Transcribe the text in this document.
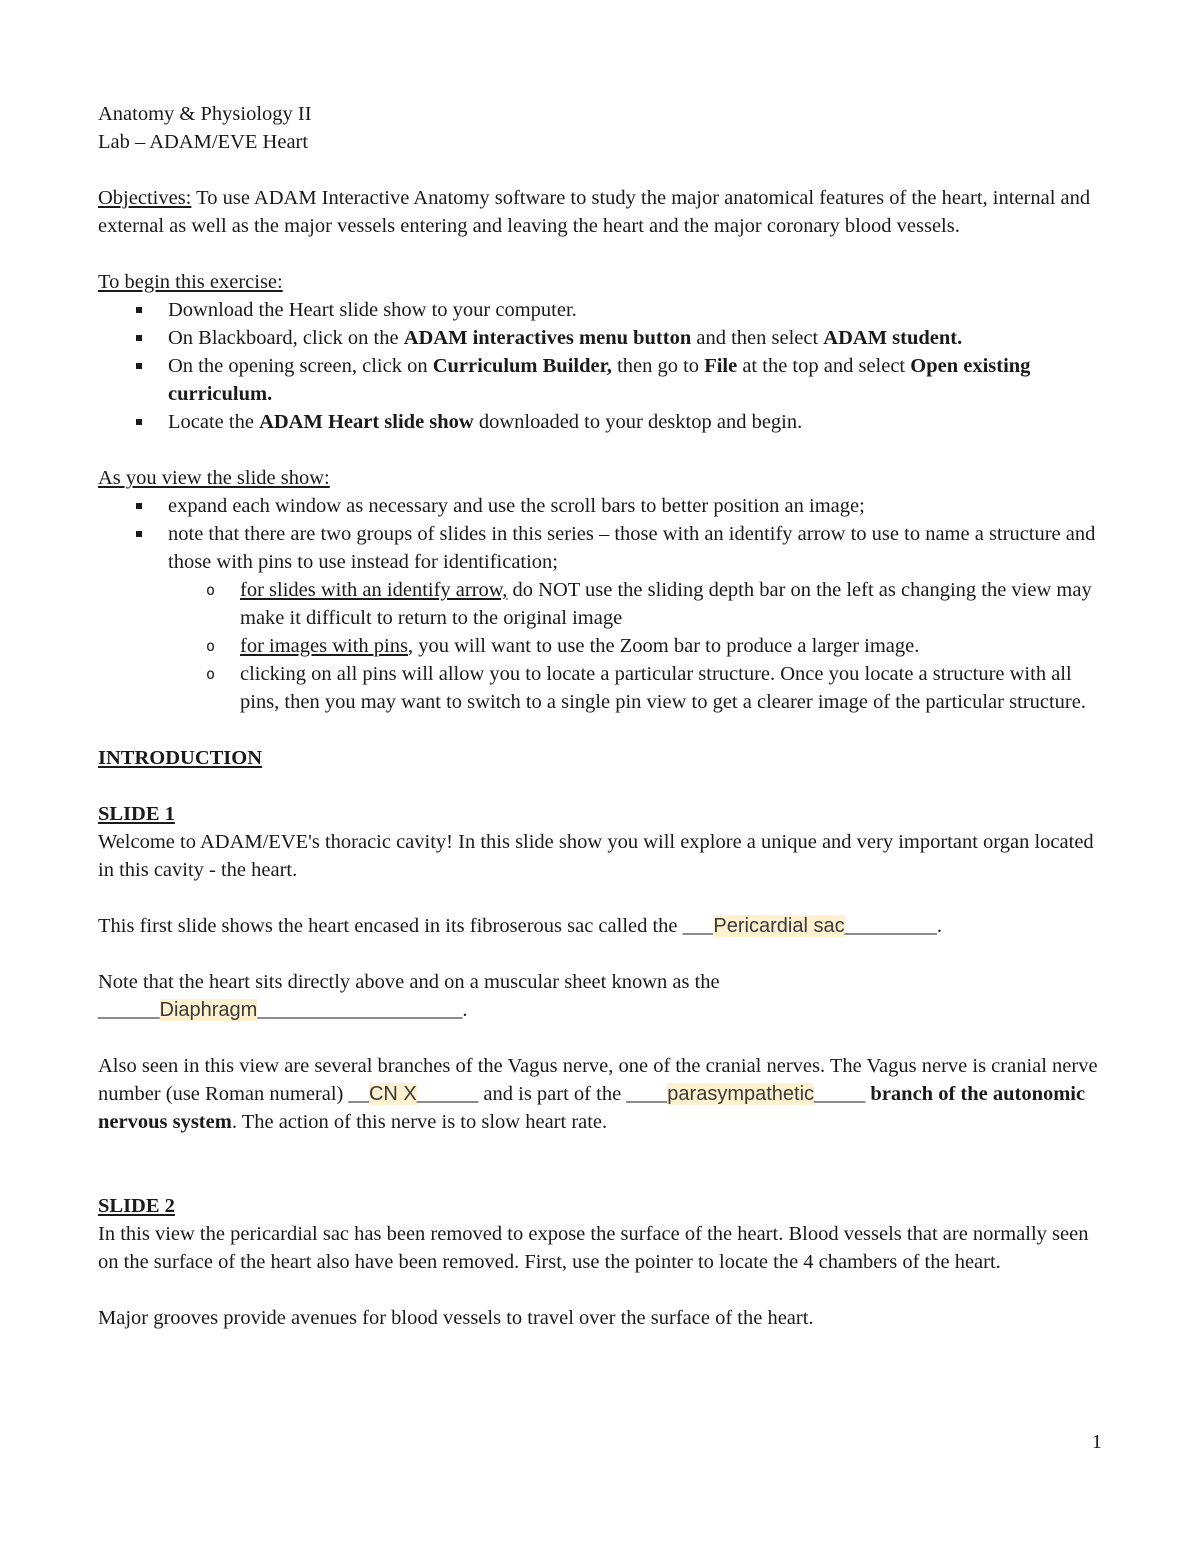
Anatomy & Physiology II
Lab – ADAM/EVE Heart
Objectives: To use ADAM Interactive Anatomy software to study the major anatomical features of the heart, internal and external as well as the major vessels entering and leaving the heart and the major coronary blood vessels.
To begin this exercise:
Download the Heart slide show to your computer.
On Blackboard, click on the ADAM interactives menu button and then select ADAM student.
On the opening screen, click on Curriculum Builder, then go to File at the top and select Open existing curriculum.
Locate the ADAM Heart slide show downloaded to your desktop and begin.
As you view the slide show:
expand each window as necessary and use the scroll bars to better position an image;
note that there are two groups of slides in this series – those with an identify arrow to use to name a structure and those with pins to use instead for identification;
o for slides with an identify arrow, do NOT use the sliding depth bar on the left as changing the view may make it difficult to return to the original image
o for images with pins, you will want to use the Zoom bar to produce a larger image.
o clicking on all pins will allow you to locate a particular structure. Once you locate a structure with all pins, then you may want to switch to a single pin view to get a clearer image of the particular structure.
INTRODUCTION
SLIDE 1
Welcome to ADAM/EVE's thoracic cavity! In this slide show you will explore a unique and very important organ located in this cavity - the heart.
This first slide shows the heart encased in its fibroserous sac called the ___Pericardial sac_________.
Note that the heart sits directly above and on a muscular sheet known as the
______Diaphragm____________________.
Also seen in this view are several branches of the Vagus nerve, one of the cranial nerves. The Vagus nerve is cranial nerve number (use Roman numeral) __CN X______ and is part of the ____parasympathetic_____ branch of the autonomic nervous system. The action of this nerve is to slow heart rate.
SLIDE 2
In this view the pericardial sac has been removed to expose the surface of the heart. Blood vessels that are normally seen on the surface of the heart also have been removed. First, use the pointer to locate the 4 chambers of the heart.
Major grooves provide avenues for blood vessels to travel over the surface of the heart.
1
